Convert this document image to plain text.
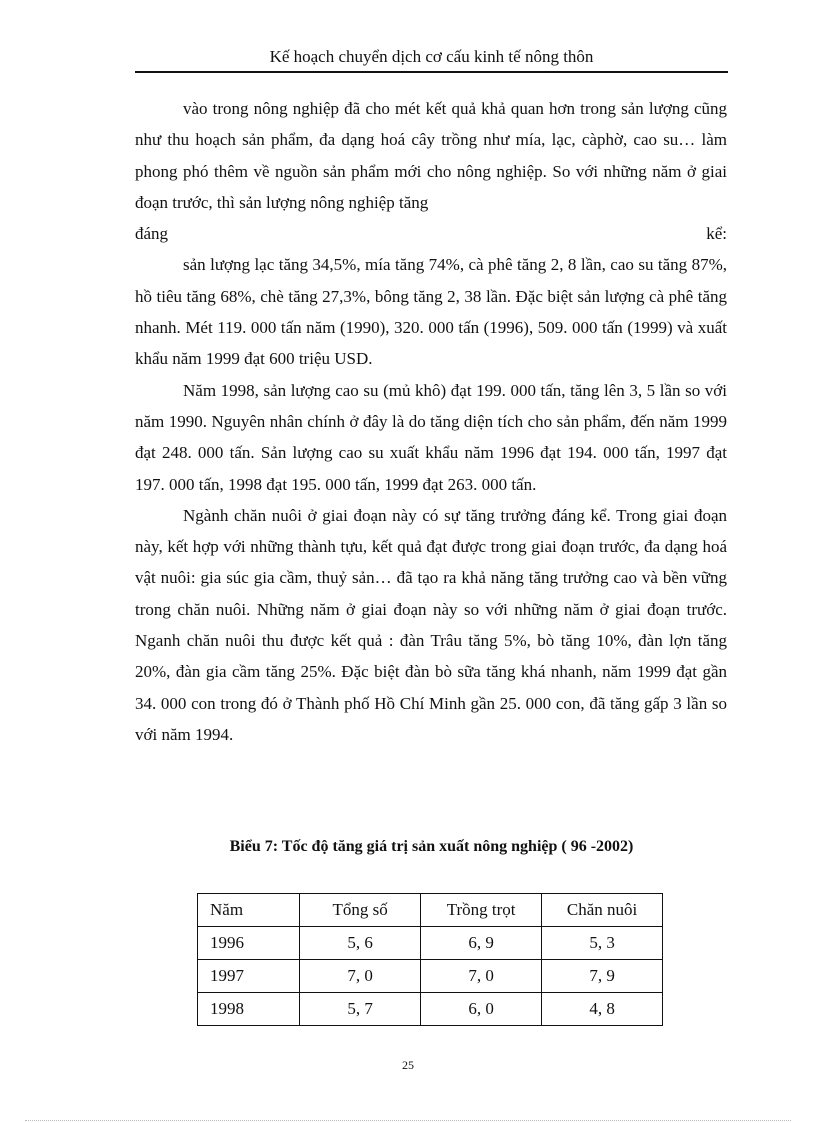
Kế hoạch chuyển dịch cơ cấu kinh tế nông thôn

vào trong nông nghiệp đã cho mét kết quả khả quan hơn trong sản lượng cũng như thu hoạch sản phẩm, đa dạng hoá cây trồng như mía, lạc, càphờ, cao su… làm phong phó thêm về nguồn sản phẩm mới cho nông nghiệp. So với những năm ở giai đoạn trước, thì sản lượng nông nghiệp tăng

đáng	kể:

sản lượng lạc tăng 34,5%, mía tăng 74%, cà phê tăng 2, 8 lần, cao su tăng 87%, hồ tiêu tăng 68%, chè tăng 27,3%, bông tăng 2, 38 lần. Đặc biệt sản lượng cà phê tăng nhanh. Mét 119. 000 tấn năm (1990), 320. 000 tấn (1996), 509. 000 tấn (1999) và xuất khẩu năm 1999 đạt 600 triệu USD.

Năm 1998, sản lượng cao su (mủ khô) đạt 199. 000 tấn, tăng lên 3, 5 lần so với năm 1990. Nguyên nhân chính ở đây là do tăng diện tích cho sản phẩm, đến năm 1999 đạt 248. 000 tấn. Sản lượng cao su xuất khẩu năm 1996 đạt 194. 000 tấn, 1997 đạt 197. 000 tấn, 1998 đạt 195. 000 tấn, 1999 đạt 263. 000 tấn.

Ngành chăn nuôi ở giai đoạn này có sự tăng trưởng đáng kể. Trong giai đoạn này, kết hợp với những thành tựu, kết quả đạt được trong giai đoạn trước, đa dạng hoá vật nuôi: gia súc gia cầm, thuỷ sản… đã tạo ra khả năng tăng trưởng cao và bền vững trong chăn nuôi. Những năm ở giai đoạn này so với những năm ở giai đoạn trước. Nganh chăn nuôi thu được kết quả : đàn Trâu tăng 5%, bò tăng 10%, đàn lợn tăng 20%, đàn gia cầm tăng 25%. Đặc biệt đàn bò sữa tăng khá nhanh, năm 1999 đạt gần 34. 000 con trong đó ở Thành phố Hồ Chí Minh gần 25. 000 con, đã tăng gấp 3 lần so với năm 1994.

Biểu 7: Tốc độ tăng giá trị sản xuất nông nghiệp ( 96 -2002)
Năm	Tổng số	Trồng trọt	Chăn nuôi
1996	5, 6	6, 9	5, 3
1997	7, 0	7, 0	7, 9
1998	5, 7	6, 0	4, 8
25
